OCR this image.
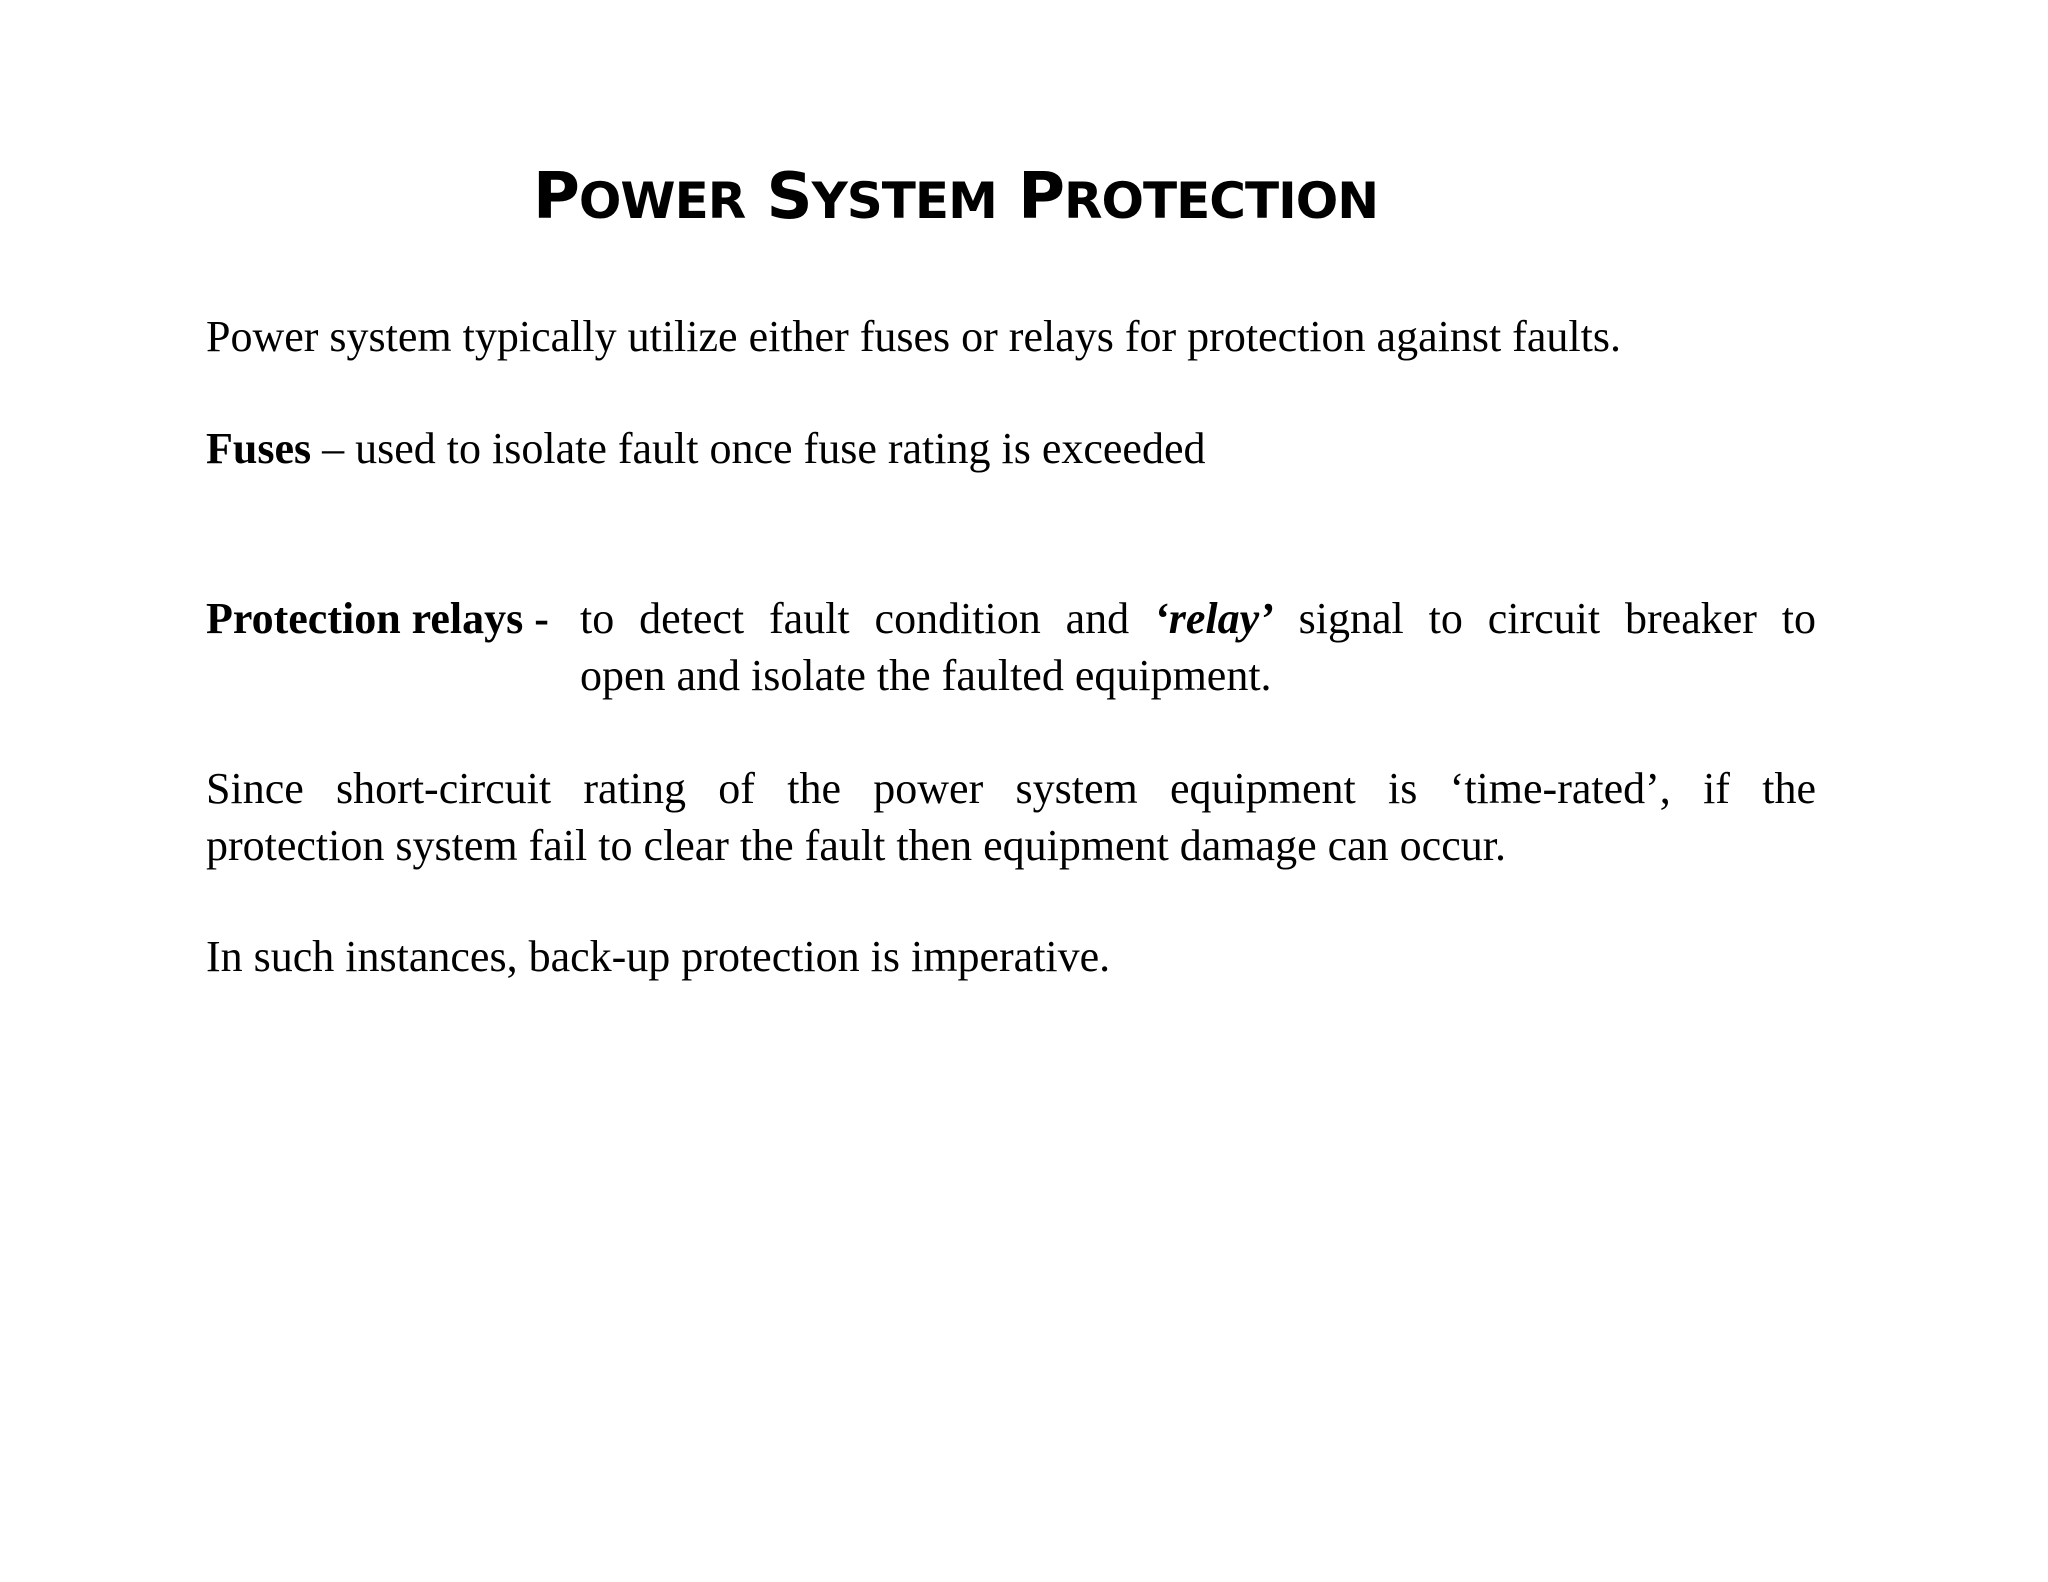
POWER SYSTEM PROTECTION
Power system typically utilize either fuses or relays for protection against faults.
Fuses – used to isolate fault once fuse rating is exceeded
Protection relays - to detect fault condition and ‘relay’ signal to circuit breaker to
open and isolate the faulted equipment.
Since short-circuit rating of the power system equipment is ‘time-rated’, if the
protection system fail to clear the fault then equipment damage can occur.
In such instances, back-up protection is imperative.
